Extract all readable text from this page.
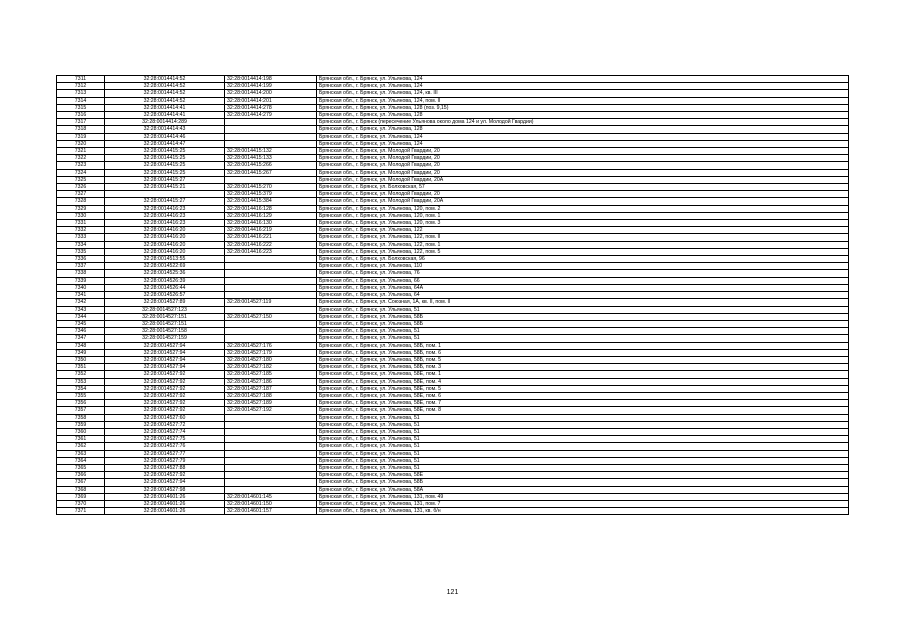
7311	32:28:0014414:52	32:28:0014414:198	Брянская обл., г. Брянск, ул. Ульянова, 124
7312	32:28:0014414:52	32:28:0014414:199	Брянская обл., г. Брянск, ул. Ульянова, 124
7313	32:28:0014414:52	32:28:0014414:200	Брянская обл., г. Брянск, ул. Ульянова, 124, кв. III
7314	32:28:0014414:52	32:28:0014414:201	Брянская обл., г. Брянск, ул. Ульянова, 124, пом. II
7315	32:28:0014414:41	32:28:0014414:278	Брянская обл., г. Брянск, ул. Ульянова, 128 (поз. 9,15)
7316	32:28:0014414:41	32:28:0014414:279	Брянская обл., г. Брянск, ул. Ульянова, 128
7317	32:28:0014414:289		Брянская обл., г. Брянск (пересечение Ульянова около дома 124 и ул. Молодой Гвардии)
7318	32:28:0014414:43		Брянская обл., г. Брянск, ул. Ульянова, 128
7319	32:28:0014414:46		Брянская обл., г. Брянск, ул. Ульянова, 124
7320	32:28:0014414:47		Брянская обл., г. Брянск, ул. Ульянова, 124
7321	32:28:0014415:25	32:28:0014415:132	Брянская обл., г. Брянск, ул. Молодой Гвардии, 20
7322	32:28:0014415:25	32:28:0014415:133	Брянская обл., г. Брянск, ул. Молодой Гвардии, 20
7323	32:28:0014415:25	32:28:0014415:266	Брянская обл., г. Брянск, ул. Молодой Гвардии, 20
7324	32:28:0014415:25	32:28:0014415:267	Брянская обл., г. Брянск, ул. Молодой Гвардии, 20
7325	32:28:0014415:27		Брянская обл., г. Брянск, ул. Молодой Гвардии, 20А
7326	32:28:0014415:21	32:28:0014415:270	Брянская обл., г. Брянск, ул. Болховская, 57
7327		32:28:0014415:379	Брянская обл., г. Брянск, ул. Молодой Гвардии, 20
7328	32:28:0014415:27	32:28:0014415:384	Брянская обл., г. Брянск, ул. Молодой Гвардии, 20А
7329	32:28:0014416:23	32:28:0014416:128	Брянская обл., г. Брянск, ул. Ульянова, 120, пом. 2
7330	32:28:0014416:23	32:28:0014416:129	Брянская обл., г. Брянск, ул. Ульянова, 120, пом. 1
7331	32:28:0014416:23	32:28:0014416:130	Брянская обл., г. Брянск, ул. Ульянова, 120, пом. 3
7332	32:28:0014416:20	32:28:0014416:219	Брянская обл., г. Брянск, ул. Ульянова, 122
7333	32:28:0014416:20	32:28:0014416:221	Брянская обл., г. Брянск, ул. Ульянова, 122, пом. II
7334	32:28:0014416:20	32:28:0014416:222	Брянская обл., г. Брянск, ул. Ульянова, 122, пом. 1
7335	32:28:0014416:20	32:28:0014416:223	Брянская обл., г. Брянск, ул. Ульянова, 122, пом. 5
7336	32:28:0014513:55		Брянская обл., г. Брянск, ул. Болховская, 96
7337	32:28:0014522:69		Брянская обл., г. Брянск, ул. Ульянова, 110
7338	32:28:0014525:36		Брянская обл., г. Брянск, ул. Ульянова, 76
7339	32:28:0014526:39		Брянская обл., г. Брянск, ул. Ульянова, 66
7340	32:28:0014526:44		Брянская обл., г. Брянск, ул. Ульянова, 64А
7341	32:28:0014526:57		Брянская обл., г. Брянск, ул. Ульянова, 64
7342	32:28:0014527:89	32:28:0014527:119	Брянская обл., г. Брянск, ул. Союзная, 1А, кв. II, пом. II
7343	32:28:0014527:123		Брянская обл., г. Брянск, ул. Ульянова, 51
7344	32:28:0014527:151	32:28:0014527:150	Брянская обл., г. Брянск, ул. Ульянова, 58Б
7345	32:28:0014527:151		Брянская обл., г. Брянск, ул. Ульянова, 58Б
7346	32:28:0014527:158		Брянская обл., г. Брянск, ул. Ульянова, 51
7347	32:28:0014527:159		Брянская обл., г. Брянск, ул. Ульянова, 51
7348	32:28:0014527:94	32:28:0014527:176	Брянская обл., г. Брянск, ул. Ульянова, 58Б, пом. 1
7349	32:28:0014527:94	32:28:0014527:179	Брянская обл., г. Брянск, ул. Ульянова, 58Б, пом. 6
7350	32:28:0014527:94	32:28:0014527:180	Брянская обл., г. Брянск, ул. Ульянова, 58Б, пом. 5
7351	32:28:0014527:94	32:28:0014527:182	Брянская обл., г. Брянск, ул. Ульянова, 58Б, пом. 3
7352	32:28:0014527:92	32:28:0014527:185	Брянская обл., г. Брянск, ул. Ульянова, 58Е, пом. 1
7353	32:28:0014527:92	32:28:0014527:186	Брянская обл., г. Брянск, ул. Ульянова, 58Е, пом. 4
7354	32:28:0014527:92	32:28:0014527:187	Брянская обл., г. Брянск, ул. Ульянова, 58Е, пом. 5
7355	32:28:0014527:92	32:28:0014527:188	Брянская обл., г. Брянск, ул. Ульянова, 58Е, пом. 6
7356	32:28:0014527:92	32:28:0014527:189	Брянская обл., г. Брянск, ул. Ульянова, 58Е, пом. 7
7357	32:28:0014527:92	32:28:0014527:192	Брянская обл., г. Брянск, ул. Ульянова, 58Е, пом. 8
7358	32:28:0014527:60		Брянская обл., г. Брянск, ул. Ульянова, 51
7359	32:28:0014527:72		Брянская обл., г. Брянск, ул. Ульянова, 51
7360	32:28:0014527:74		Брянская обл., г. Брянск, ул. Ульянова, 51
7361	32:28:0014527:75		Брянская обл., г. Брянск, ул. Ульянова, 51
7362	32:28:0014527:76		Брянская обл., г. Брянск, ул. Ульянова, 51
7363	32:28:0014527:77		Брянская обл., г. Брянск, ул. Ульянова, 51
7364	32:28:0014527:79		Брянская обл., г. Брянск, ул. Ульянова, 51
7365	32:28:0014527:88		Брянская обл., г. Брянск, ул. Ульянова, 51
7366	32:28:0014527:92		Брянская обл., г. Брянск, ул. Ульянова, 58Е
7367	32:28:0014527:94		Брянская обл., г. Брянск, ул. Ульянова, 58Б
7368	32:28:0014527:98		Брянская обл., г. Брянск, ул. Ульянова, 58А
7369	32:28:0014601:26	32:28:0014601:145	Брянская обл., г. Брянск, ул. Ульянова, 131, пом. 49
7370	32:28:0014601:26	32:28:0014601:150	Брянская обл., г. Брянск, ул. Ульянова, 131, пом. 7
7371	32:28:0014601:26	32:28:0014601:157	Брянская обл., г. Брянск, ул. Ульянова, 131, кв. б/н
121
